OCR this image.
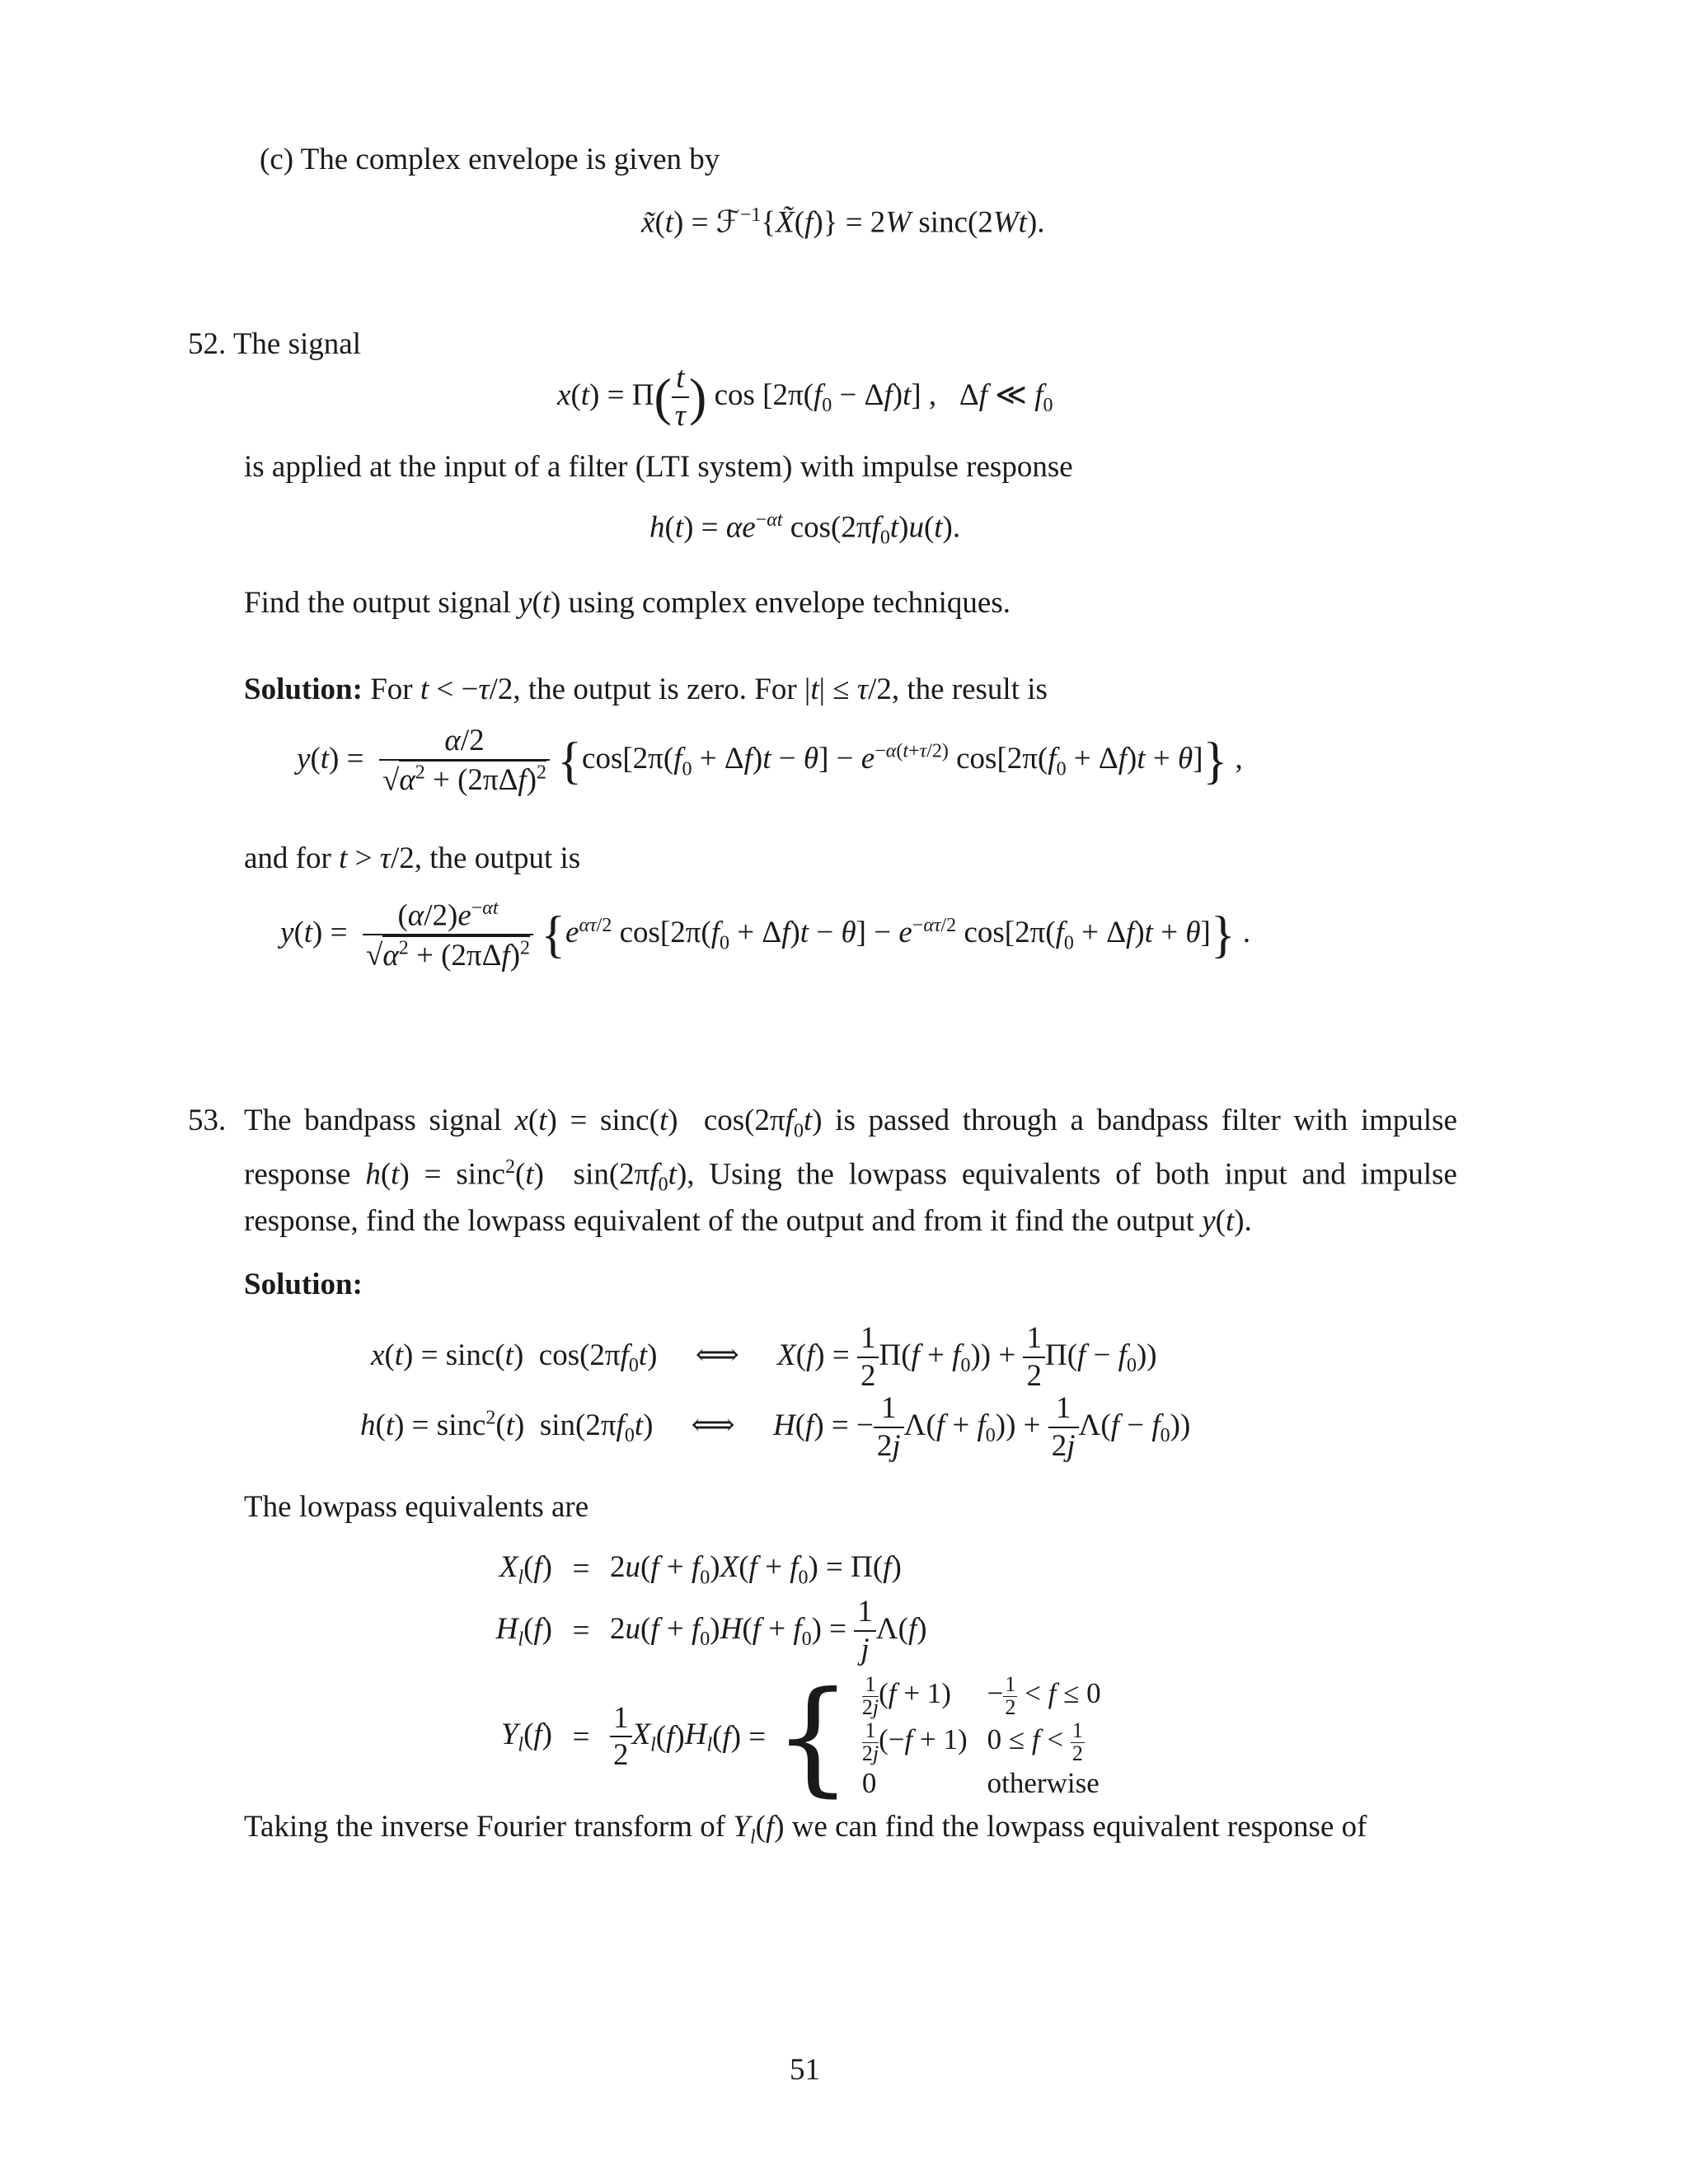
(c) The complex envelope is given by
x̃(t) = ℱ$^{-1}${X̃(f)} = 2W sinc(2Wt).
52. The signal
$x(t) = \Pi( \frac{t}{\tau}$ ) $\cos [2\pi(f_0 - \Delta f)t]$ ,   Δf ≪ $f_0$
is applied at the input of a filter (LTI system) with impulse response
$h(t) = \alpha e^{-\alpha t}$ $\cos(2\pi f_0t)u(t)$.
Find the output signal y(t) using complex envelope techniques.
Solution: For t < −τ/2, the output is zero. For |t| ≤ τ/2, the result is
$y(t) = \frac{\alpha/2}{√\alpha^2 + (2\pi\Delta f)^2} \{\cos[2\pi(f_0 + \Delta f)t - \theta] - e^{-\alpha(t+\tau/2)}$ $\cos[2\pi(f_0 + \Delta f)t + \theta]$} ,
and for t > τ/2, the output is
$y(t) = \frac{(\alpha/2)e^{-\alpha t}}{√\alpha^2 + (2\pi\Delta f)^2} \{e^{\alpha\tau/2}$ $\cos[2\pi(f_0 + \Delta f)t - \theta] - e^{-\alpha\tau/2}$ $\cos[2\pi(f_0 + \Delta f)t + \theta]$} .
53. The bandpass signal x(t) = sinc(t)  $\cos(2\pi f_0t)$ is passed through a bandpass filter with impulse response h(t) = sinc$^2$(t)  $\sin(2\pi f_0t)$, Using the lowpass equivalents of both input and impulse response, find the lowpass equivalent of the output and from it find the output y(t).
Solution:
x(t) = sinc(t)  $\cos(2\pi f_0t)$     ⟺     $X(f) = \frac{1}{2} \Pi(f + f_0)) + \frac{1}{2} \Pi(f - f_0)$)
h(t) = sinc$^2$(t)  $\sin(2\pi f_0t)$     ⟺     H(f) = − $\frac{1}{2j} \Lambda(f + f_0)) + \frac{1}{2j} \Lambda(f - f_0)$)
The lowpass equivalents are
$X_l(f) = 2u(f + f_0)X(f + f_0) = \Pi(f)$
$H_l(f) = 2u(f + f_0)H(f + f_0) = \frac{1}{j} \Lambda(f)$
$Y_l(f) = \frac{1}{2} X_l$ ( f ) $H_l$ ( f ) = { $\frac{1}{2j} (f + 1)$	− $\frac{1}{2} < f \le 0$

$\frac{1}{2j} (-f + 1)$	$0 \le f < \frac{1}{2}$

0	otherwise
Taking the inverse Fourier transform of $Y_l(f)$ we can find the lowpass equivalent response of
51
